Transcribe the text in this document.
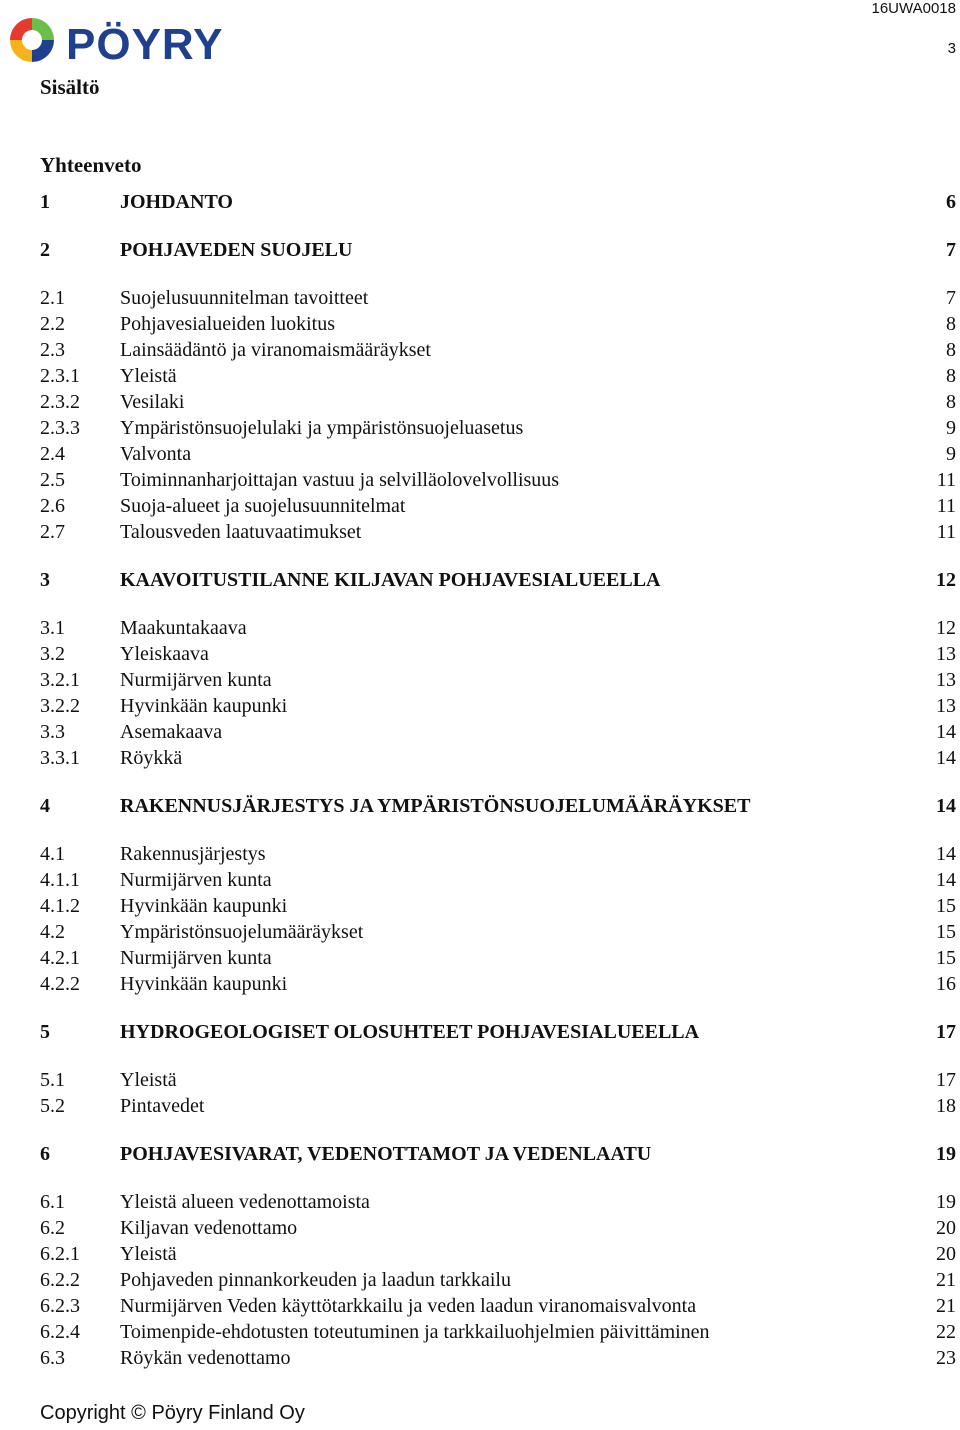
PÖYRY
16UWA0018
3
Sisältö
Yhteenveto
1	JOHDANTO	6
2	POHJAVEDEN SUOJELU	7
2.1	Suojelusuunnitelman tavoitteet	7
2.2	Pohjavesialueiden luokitus	8
2.3	Lainsäädäntö ja viranomaismääräykset	8
2.3.1 Yleistä	8
2.3.2 Vesilaki	8
2.3.3 Ympäristönsuojelulaki ja ympäristönsuojeluasetus	9
2.4	Valvonta	9
2.5	Toiminnanharjoittajan vastuu ja selvilläolovelvollisuus	11
2.6	Suoja-alueet ja suojelusuunnitelmat	11
2.7	Talousveden laatuvaatimukset	11
3	KAAVOITUSTILANNE KILJAVAN POHJAVESIALUEELLA	12
3.1	Maakuntakaava	12
3.2	Yleiskaava	13
3.2.1 Nurmijärven kunta	13
3.2.2 Hyvinkään kaupunki	13
3.3	Asemakaava	14
3.3.1 Röykkä	14
4	RAKENNUSJÄRJESTYS JA YMPÄRISTÖNSUOJELUMÄÄRÄYKSET	14
4.1	Rakennusjärjestys	14
4.1.1 Nurmijärven kunta	14
4.1.2 Hyvinkään kaupunki	15
4.2	Ympäristönsuojelumääräykset	15
4.2.1 Nurmijärven kunta	15
4.2.2 Hyvinkään kaupunki	16
5	HYDROGEOLOGISET OLOSUHTEET POHJAVESIALUEELLA	17
5.1	Yleistä	17
5.2	Pintavedet	18
6	POHJAVESIVARAT, VEDENOTTAMOT JA VEDENLAATU	19
6.1	Yleistä alueen vedenottamoista	19
6.2	Kiljavan vedenottamo	20
6.2.1 Yleistä	20
6.2.2 Pohjaveden pinnankorkeuden ja laadun tarkkailu	21
6.2.3 Nurmijärven Veden käyttötarkkailu ja veden laadun viranomaisvalvonta	21
6.2.4 Toimenpide-ehdotusten toteutuminen ja tarkkailuohjelmien päivittäminen	22
6.3	Röykän vedenottamo	23
Copyright © Pöyry Finland Oy
